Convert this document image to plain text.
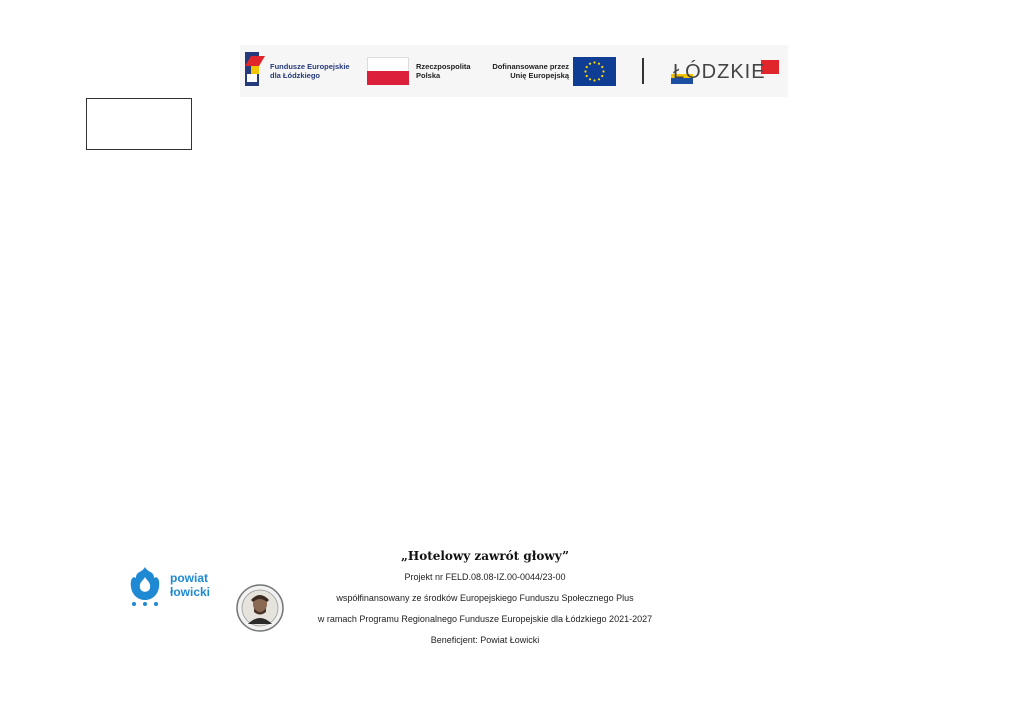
Fundusze Europejskie
dla Łódzkiego
Rzeczpospolita
Polska
Dofinansowane przez
Unię Europejską	ŁÓDZKIE
powiat
łowicki

„Hotelowy zawrót głowy”

Projekt nr FELD.08.08-IZ.00-0044/23-00

współfinansowany ze środków Europejskiego Funduszu Społecznego Plus

w ramach Programu Regionalnego Fundusze Europejskie dla Łódzkiego 2021-2027

Beneficjent: Powiat Łowicki
